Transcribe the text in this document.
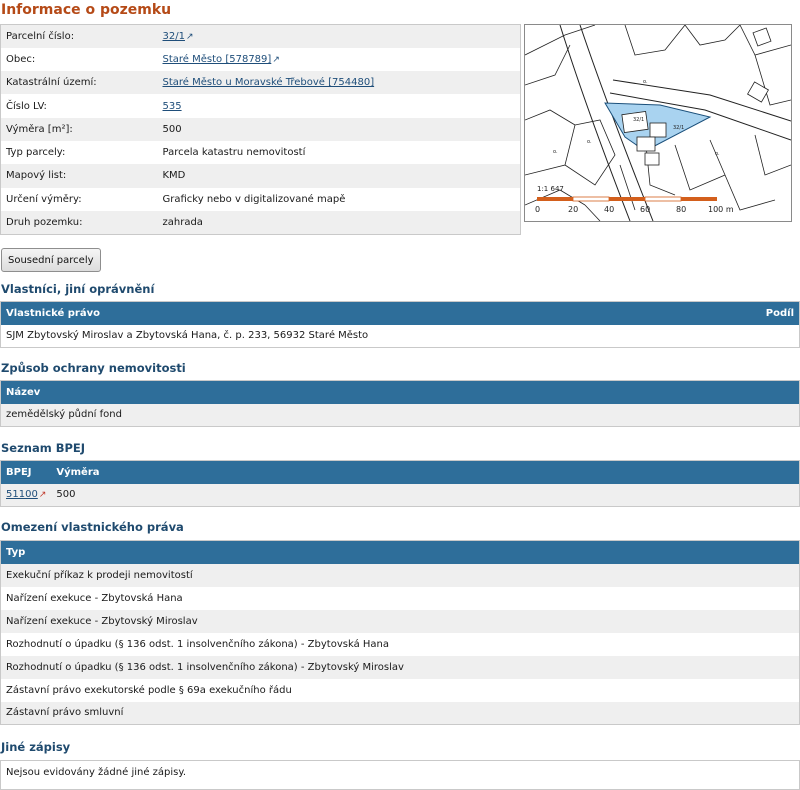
Informace o pozemku
Parcelní číslo:	32/1↗
Obec:	Staré Město [578789]↗
Katastrální území:	Staré Město u Moravské Třebové [754480]
Číslo LV:	535
Výměra [m²]:	500
Typ parcely:	Parcela katastru nemovitostí
Mapový list:	KMD
Určení výměry:	Graficky nebo v digitalizované mapě
Druh pozemku:	zahrada
32/1
32/1
o.
o.
o.
o.
1:1 647
0	20	40	60	80	100 m
Sousední parcely
Vlastníci, jiní oprávnění
Vlastnické právo	Podíl
SJM Zbytovský Miroslav a Zbytovská Hana, č. p. 233, 56932 Staré Město
Způsob ochrany nemovitosti
Název
zemědělský půdní fond
Seznam BPEJ
BPEJ	Výměra
51100↗	500
Omezení vlastnického práva
Typ
Exekuční příkaz k prodeji nemovitostí
Nařízení exekuce - Zbytovská Hana
Nařízení exekuce - Zbytovský Miroslav
Rozhodnutí o úpadku (§ 136 odst. 1 insolvenčního zákona) - Zbytovská Hana
Rozhodnutí o úpadku (§ 136 odst. 1 insolvenčního zákona) - Zbytovský Miroslav
Zástavní právo exekutorské podle § 69a exekučního řádu
Zástavní právo smluvní
Jiné zápisy
Nejsou evidovány žádné jiné zápisy.
